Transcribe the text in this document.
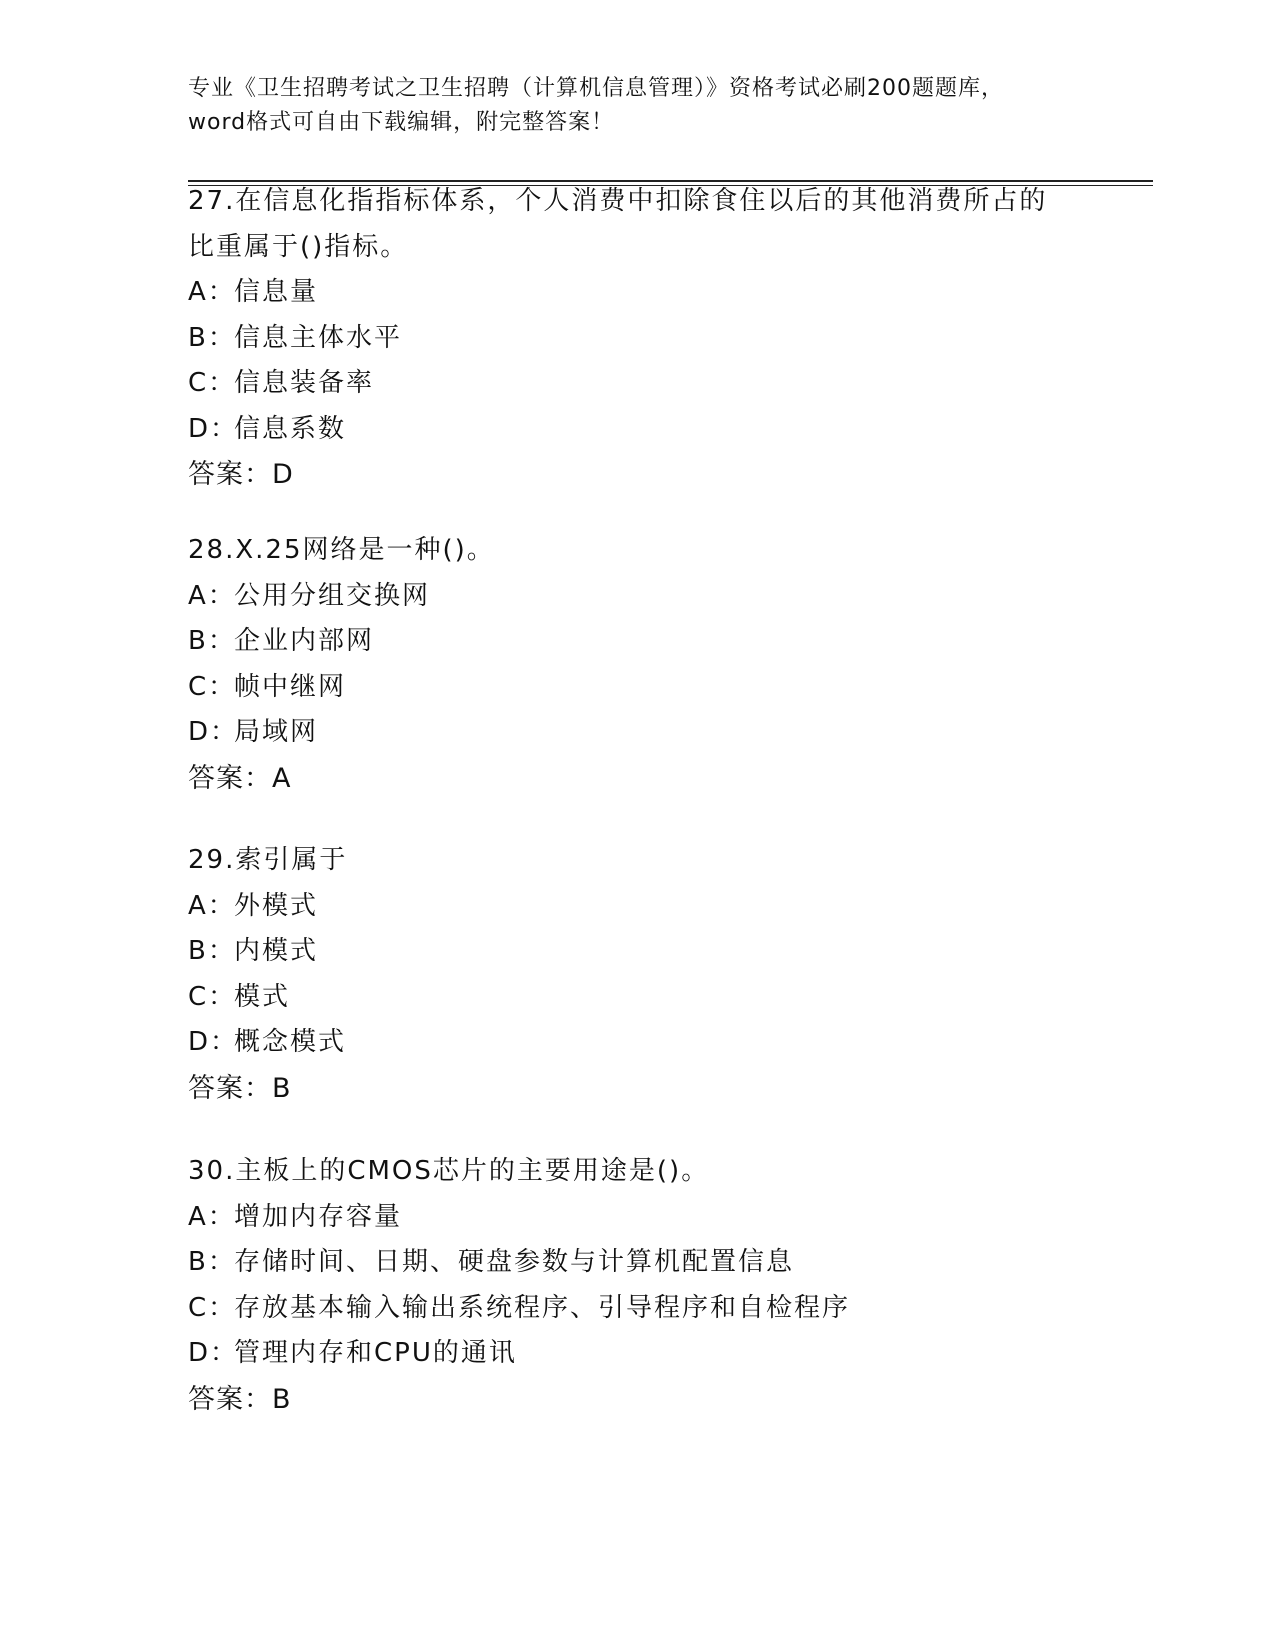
专业《卫生招聘考试之卫生招聘（计算机信息管理）》资格考试必刷200题题库，
word格式可自由下载编辑，附完整答案！
27.在信息化指指标体系，个人消费中扣除食住以后的其他消费所占的
比重属于()指标。
A：信息量
B：信息主体水平
C：信息装备率
D：信息系数
答案：D
28.X.25网络是一种()。
A：公用分组交换网
B：企业内部网
C：帧中继网
D：局域网
答案：A
29.索引属于
A：外模式
B：内模式
C：模式
D：概念模式
答案：B
30.主板上的CMOS芯片的主要用途是()。
A：增加内存容量
B：存储时间、日期、硬盘参数与计算机配置信息
C：存放基本输入输出系统程序、引导程序和自检程序
D：管理内存和CPU的通讯
答案：B
